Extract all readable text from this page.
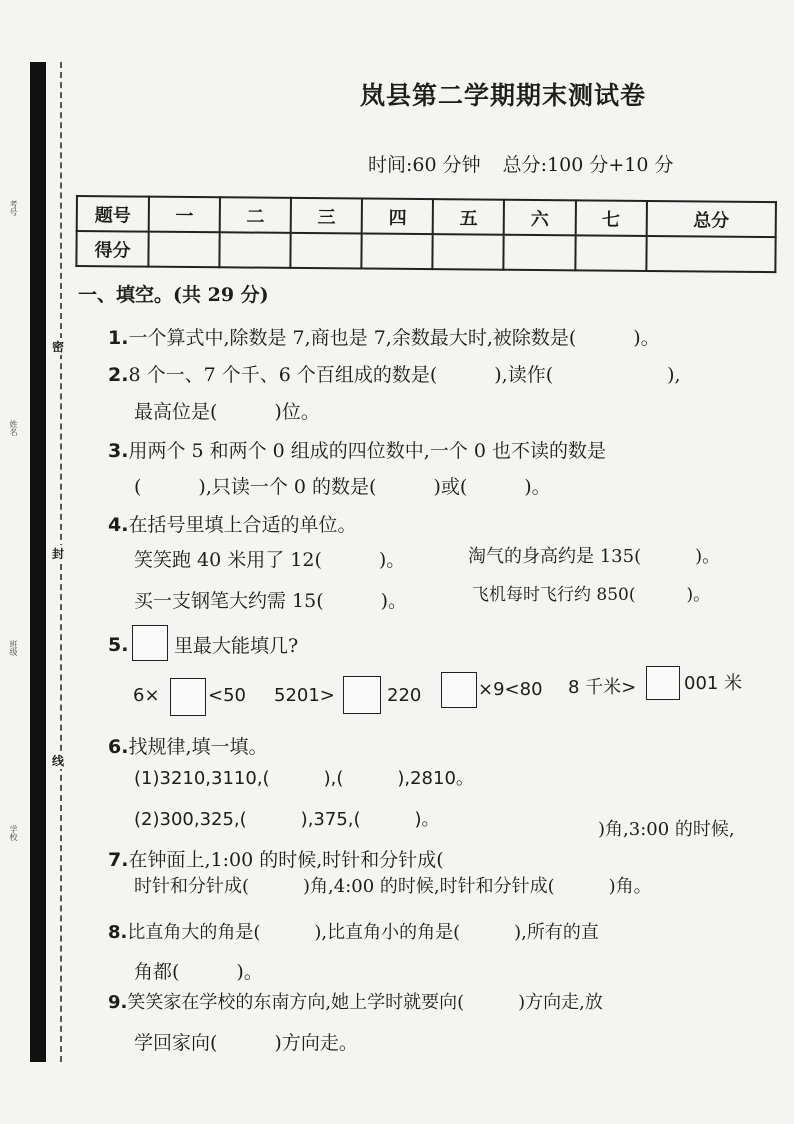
考号
姓名
班级
学校
密
封
线
岚县第二学期期末测试卷
时间:60 分钟 总分:100 分+10 分
题号	一	二	三	四	五	六	七	总分
得分								
一、填空。(共 29 分)
1.一个算式中,除数是 7,商也是 7,余数最大时,被除数是(　　　)。
2.8 个一、7 个千、6 个百组成的数是(　　　),读作(　　　　　　),
最高位是(　　　)位。
3.用两个 5 和两个 0 组成的四位数中,一个 0 也不读的数是
(　　　),只读一个 0 的数是(　　　)或(　　　)。
4.在括号里填上合适的单位。
笑笑跑 40 米用了 12(　　　)。	淘气的身高约是 135(　　　)。
买一支钢笔大约需 15(　　　)。	飞机每时飞行约 850(　　　)。
5. 里最大能填几?
6×	<50 5201>	220	×9<80 8 千米>	001 米
6.找规律,填一填。
(1)3210,3110,(　　　),(　　　),2810。
(2)300,325,(　　　),375,(　　　)。
7.在钟面上,1:00 的时候,时针和分针成(
)角,3:00 的时候,
时针和分针成(　　　)角,4:00 的时候,时针和分针成(　　　)角。
8.比直角大的角是(　　　),比直角小的角是(　　　),所有的直
角都(　　　)。
9.笑笑家在学校的东南方向,她上学时就要向(　　　)方向走,放
学回家向(　　　)方向走。
